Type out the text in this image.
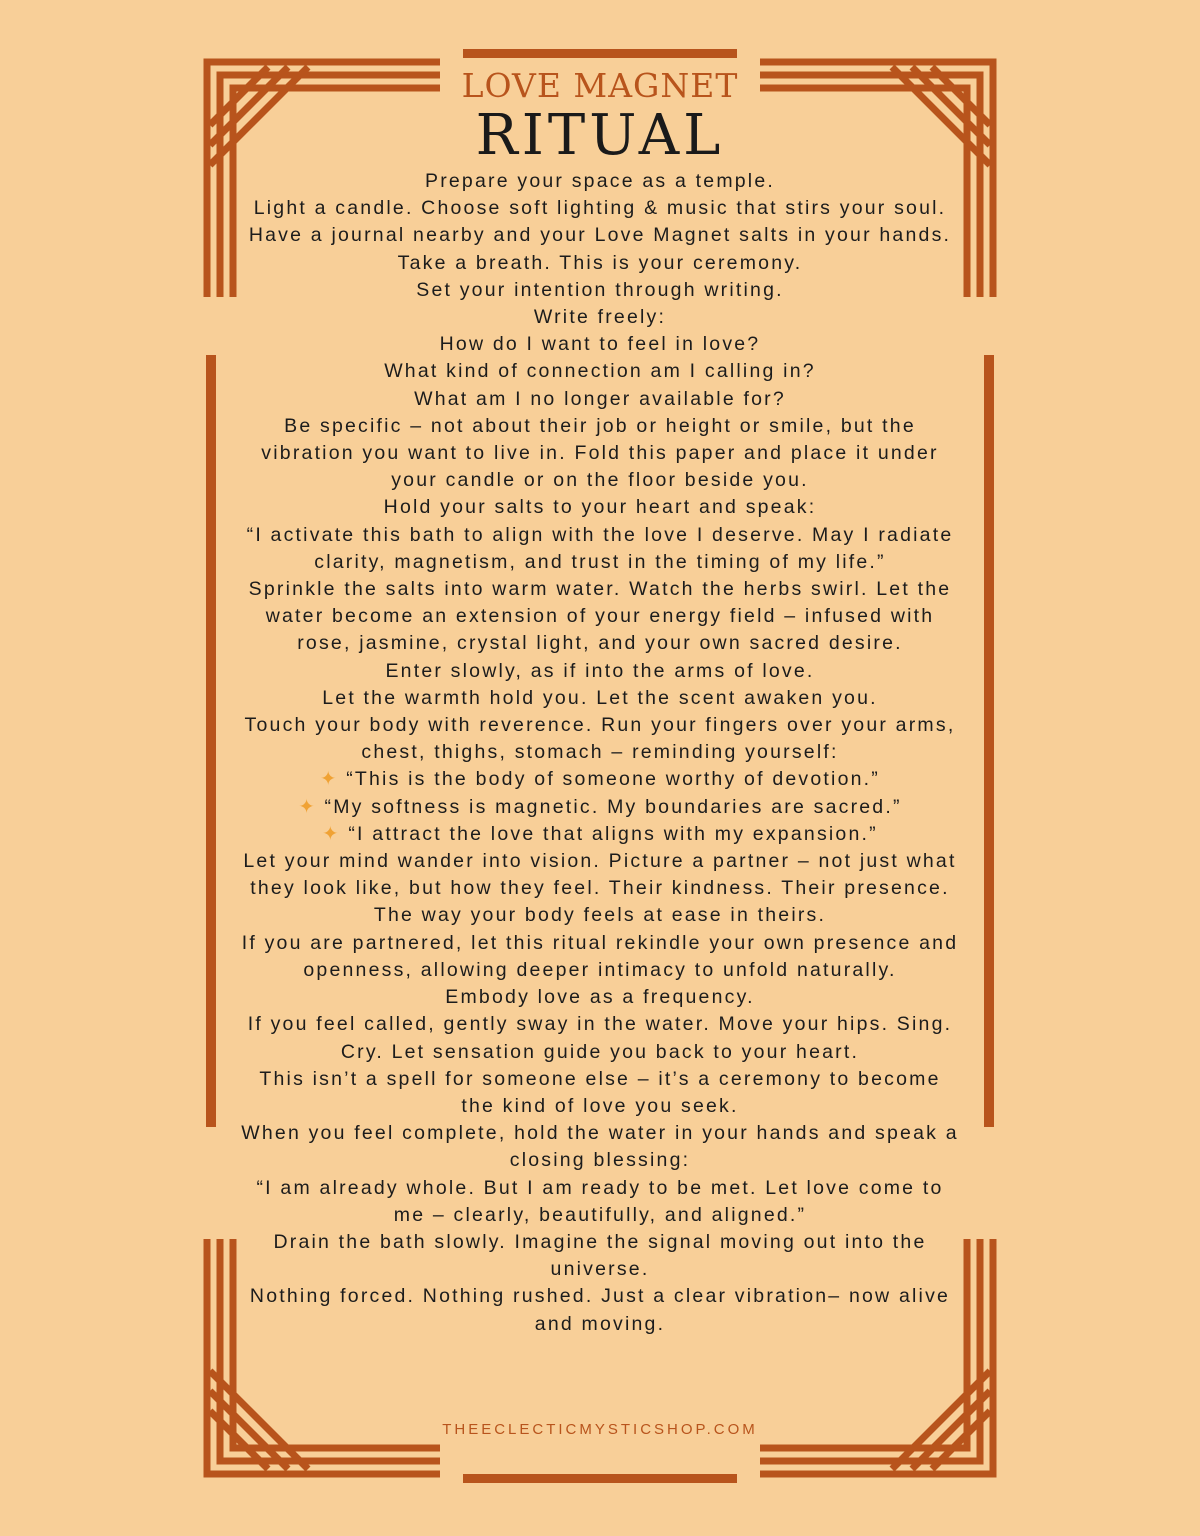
LOVE MAGNET
RITUAL

Prepare your space as a temple.

Light a candle. Choose soft lighting & music that stirs your soul.

Have a journal nearby and your Love Magnet salts in your hands. Take a breath. This is your ceremony.

Set your intention through writing.

Write freely:

How do I want to feel in love?

What kind of connection am I calling in?

What am I no longer available for?

Be specific – not about their job or height or smile, but the vibration you want to live in. Fold this paper and place it under your candle or on the floor beside you.

Hold your salts to your heart and speak:

“I activate this bath to align with the love I deserve. May I radiate clarity, magnetism, and trust in the timing of my life.”

Sprinkle the salts into warm water. Watch the herbs swirl. Let the water become an extension of your energy field – infused with rose, jasmine, crystal light, and your own sacred desire.

Enter slowly, as if into the arms of love.

Let the warmth hold you. Let the scent awaken you.

Touch your body with reverence. Run your fingers over your arms, chest, thighs, stomach – reminding yourself:

✦ “This is the body of someone worthy of devotion.”

✦ “My softness is magnetic. My boundaries are sacred.”

✦ “I attract the love that aligns with my expansion.”

Let your mind wander into vision. Picture a partner – not just what they look like, but how they feel. Their kindness. Their presence. The way your body feels at ease in theirs.

If you are partnered, let this ritual rekindle your own presence and openness, allowing deeper intimacy to unfold naturally.

Embody love as a frequency.

If you feel called, gently sway in the water. Move your hips. Sing. Cry. Let sensation guide you back to your heart.

This isn’t a spell for someone else – it’s a ceremony to become the kind of love you seek.

When you feel complete, hold the water in your hands and speak a closing blessing:

“I am already whole. But I am ready to be met. Let love come to me – clearly, beautifully, and aligned.”

Drain the bath slowly. Imagine the signal moving out into the universe.

Nothing forced. Nothing rushed. Just a clear vibration– now alive and moving.

THEECLECTICMYSTICSHOP.COM
